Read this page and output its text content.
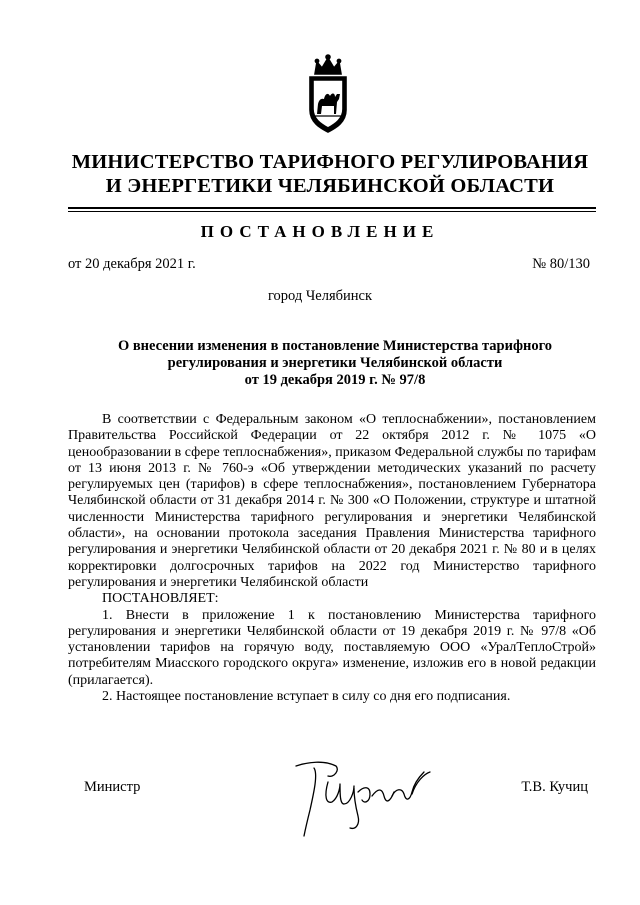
МИНИСТЕРСТВО ТАРИФНОГО РЕГУЛИРОВАНИЯ
И ЭНЕРГЕТИКИ ЧЕЛЯБИНСКОЙ ОБЛАСТИ
ПОСТАНОВЛЕНИЕ
от 20 декабря 2021 г.	№ 80/130
город Челябинск
О внесении изменения в постановление Министерства тарифного
регулирования и энергетики Челябинской области
от 19 декабря 2019 г. № 97/8

В соответствии с Федеральным законом «О теплоснабжении», постановлением Правительства Российской Федерации от 22 октября 2012 г. № 1075 «О ценообразовании в сфере теплоснабжения», приказом Федеральной службы по тарифам от 13 июня 2013 г. № 760-э «Об утверждении методических указаний по расчету регулируемых цен (тарифов) в сфере теплоснабжения», постановлением Губернатора Челябинской области от 31 декабря 2014 г. № 300 «О Положении, структуре и штатной численности Министерства тарифного регулирования и энергетики Челябинской области», на основании протокола заседания Правления Министерства тарифного регулирования и энергетики Челябинской области от 20 декабря 2021 г. № 80 и в целях корректировки долгосрочных тарифов на 2022 год Министерство тарифного регулирования и энергетики Челябинской области

ПОСТАНОВЛЯЕТ:

1. Внести в приложение 1 к постановлению Министерства тарифного регулирования и энергетики Челябинской области от 19 декабря 2019 г. № 97/8 «Об установлении тарифов на горячую воду, поставляемую ООО «УралТеплоСтрой» потребителям Миасского городского округа» изменение, изложив его в новой редакции (прилагается).

2. Настоящее постановление вступает в силу со дня его подписания.

Министр	Т.В. Кучиц
